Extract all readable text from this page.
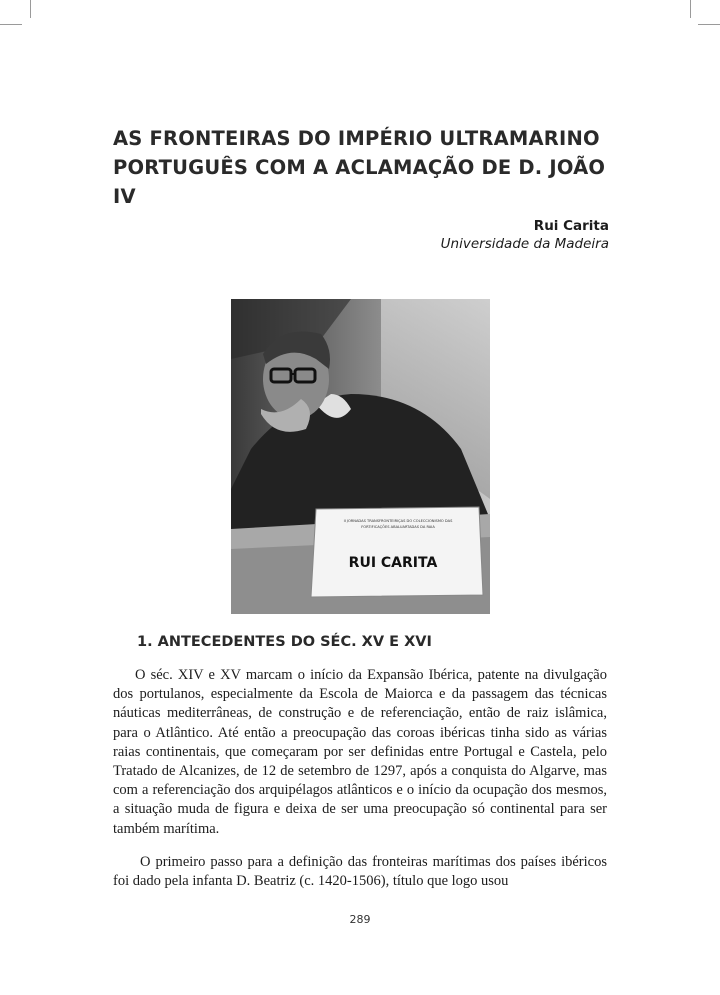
AS FRONTEIRAS DO IMPÉRIO ULTRAMARINO
PORTUGUÊS COM A ACLAMAÇÃO DE D. JOÃO IV
Rui Carita
Universidade da Madeira
II JORNADAS TRANSFRONTEIRIÇAS DO COLECCIONISMO DAS
FORTIFICAÇÕES ABALUARTADAS DA RAIA
RUI CARITA
1. ANTECEDENTES DO SÉC. XV E XVI

O séc. XIV e XV marcam o início da Expansão Ibérica, patente na divulgação dos portulanos, especialmente da Escola de Maiorca e da passagem das técnicas náuticas mediterrâneas, de construção e de referenciação, então de raiz islâmica, para o Atlântico. Até então a preocupação das coroas ibéricas tinha sido as várias raias continentais, que começaram por ser definidas entre Portugal e Castela, pelo Tratado de Alcanizes, de 12 de setembro de 1297, após a conquista do Algarve, mas com a referenciação dos arquipélagos atlânticos e o início da ocupação dos mesmos, a situação muda de figura e deixa de ser uma preocupação só continental para ser também marítima.

O primeiro passo para a definição das fronteiras marítimas dos países ibéricos foi dado pela infanta D. Beatriz (c. 1420-1506), título que logo usou

289
